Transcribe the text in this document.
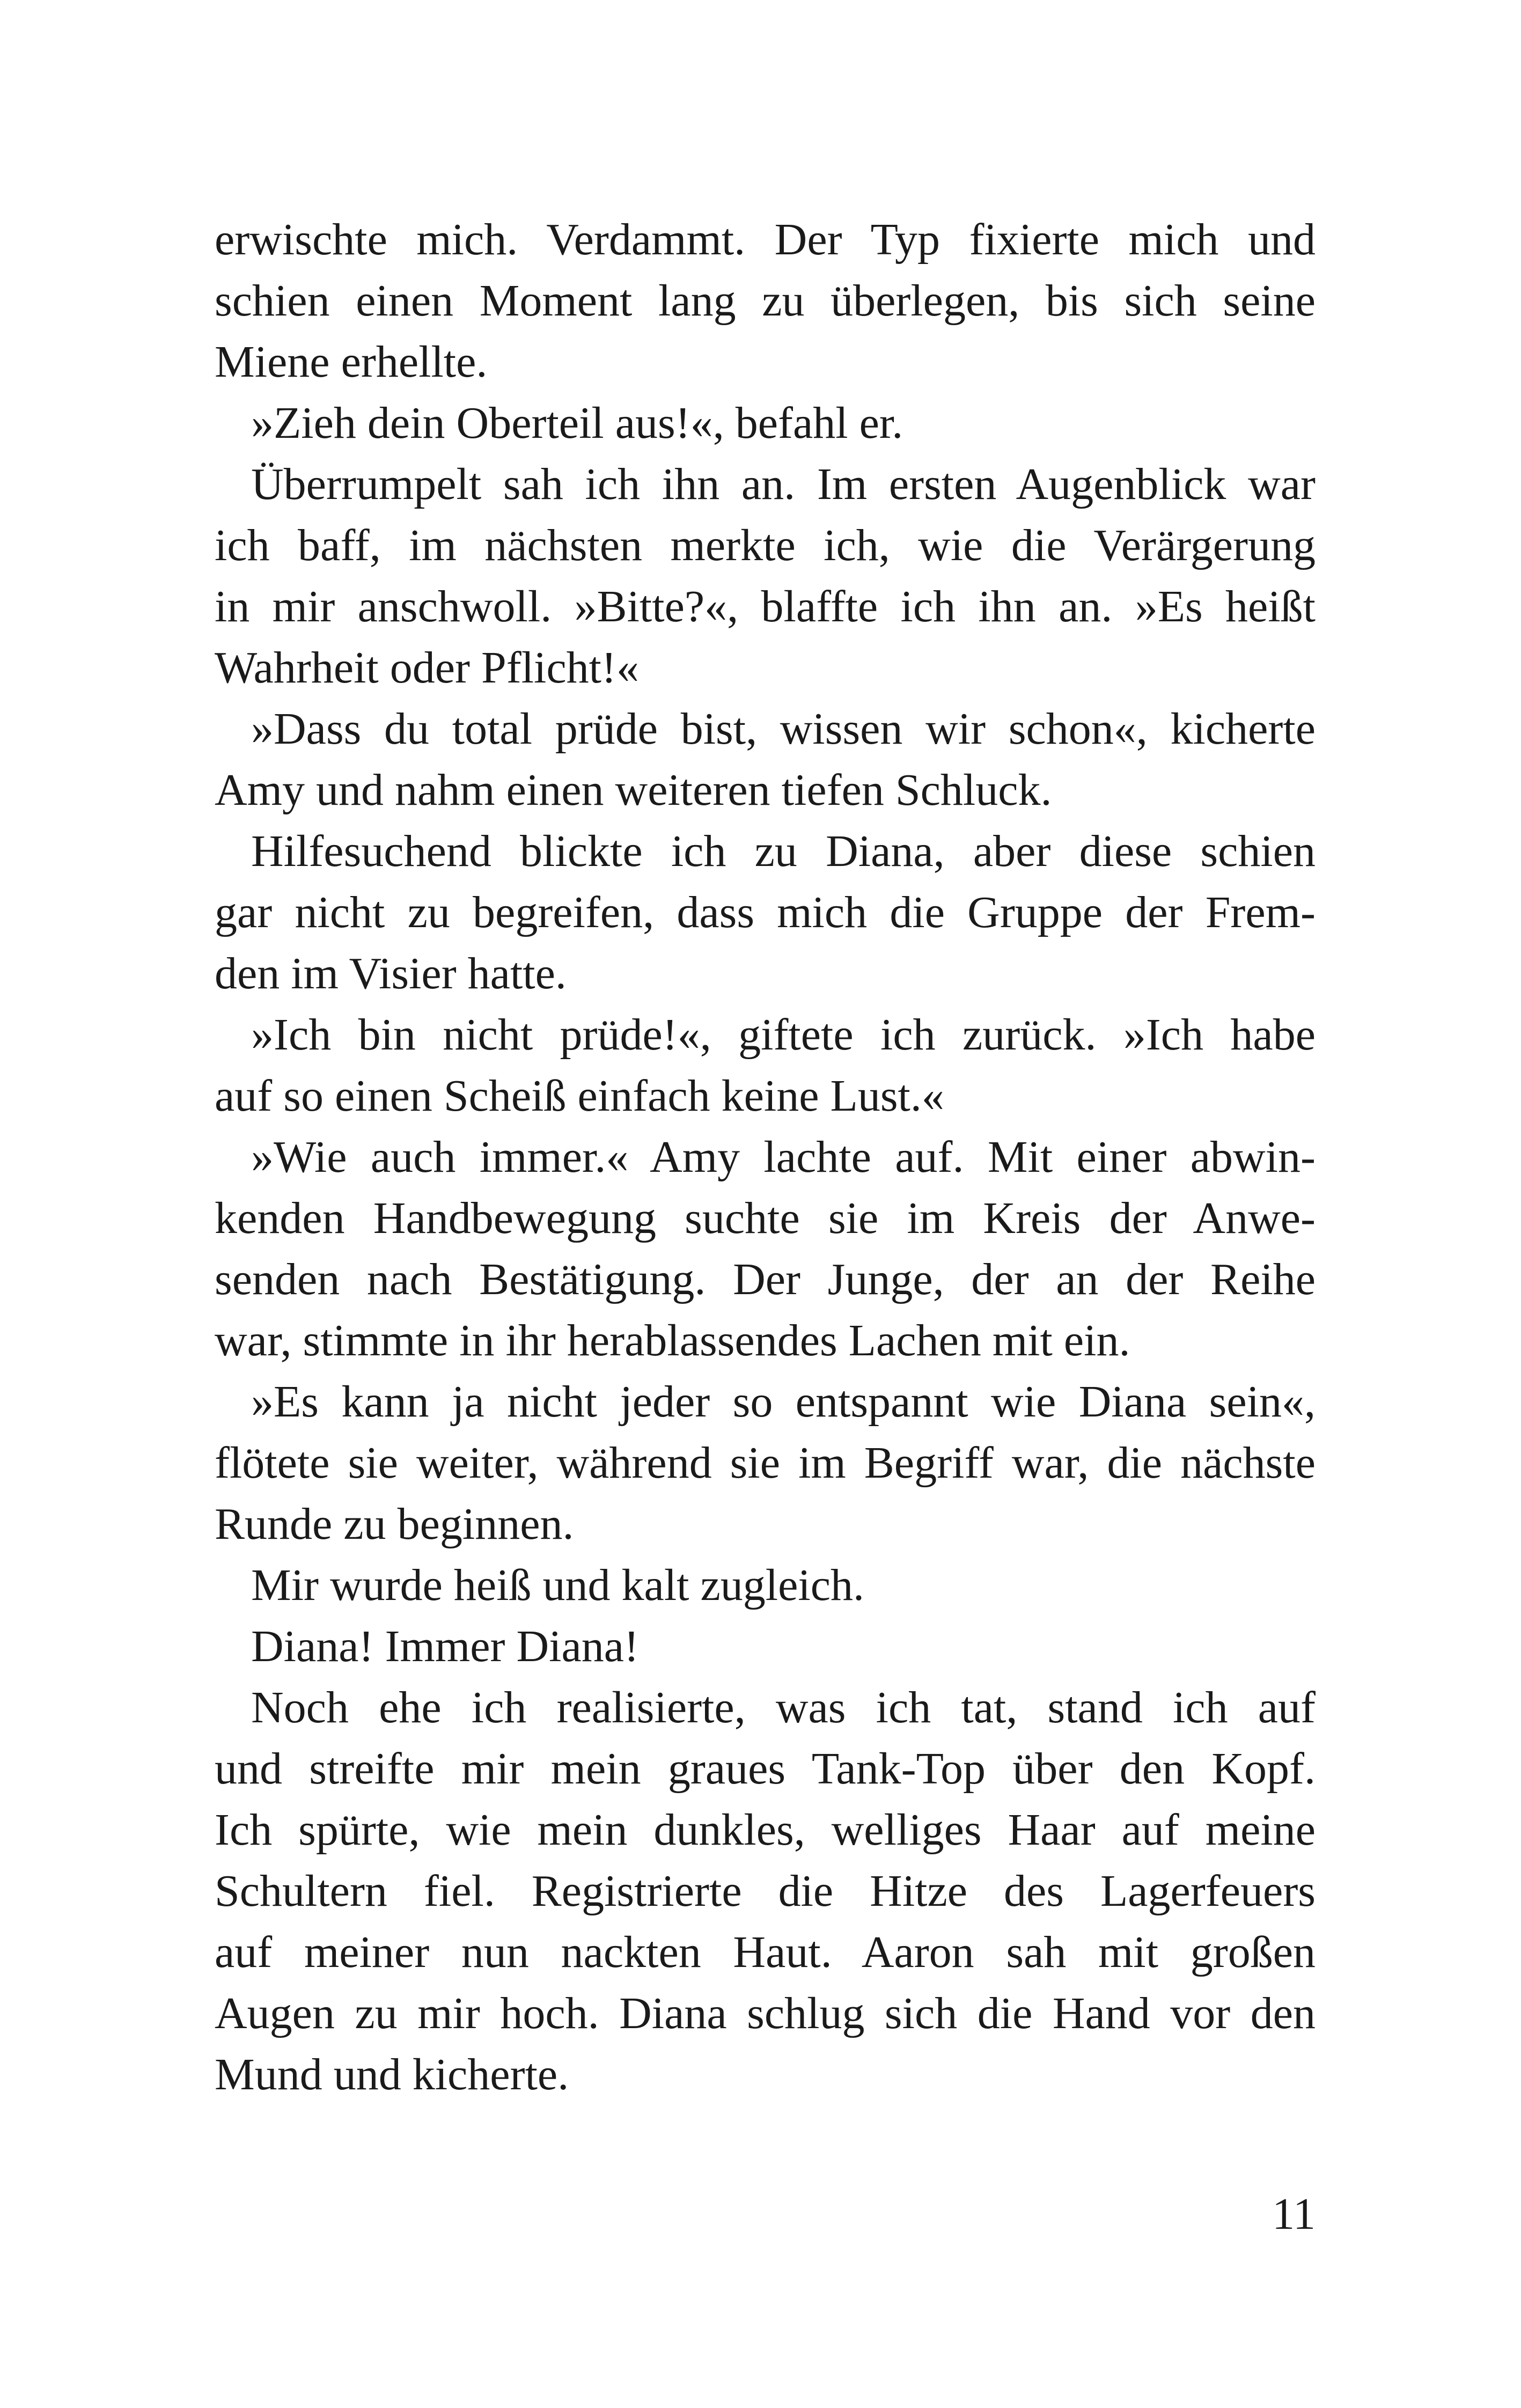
erwischte mich. Verdammt. Der Typ fixierte mich und
schien einen Moment lang zu überlegen, bis sich seine
Miene erhellte.
»Zieh dein Oberteil aus!«, befahl er.
Überrumpelt sah ich ihn an. Im ersten Augenblick war
ich baff, im nächsten merkte ich, wie die Verärgerung
in mir anschwoll. »Bitte?«, blaffte ich ihn an. »Es heißt
Wahrheit oder Pflicht!«
»Dass du total prüde bist, wissen wir schon«, kicherte
Amy und nahm einen weiteren tiefen Schluck.
Hilfesuchend blickte ich zu Diana, aber diese schien
gar nicht zu begreifen, dass mich die Gruppe der Frem-
den im Visier hatte.
»Ich bin nicht prüde!«, giftete ich zurück. »Ich habe
auf so einen Scheiß einfach keine Lust.«
»Wie auch immer.« Amy lachte auf. Mit einer abwin-
kenden Handbewegung suchte sie im Kreis der Anwe-
senden nach Bestätigung. Der Junge, der an der Reihe
war, stimmte in ihr herablassendes Lachen mit ein.
»Es kann ja nicht jeder so entspannt wie Diana sein«,
flötete sie weiter, während sie im Begriff war, die nächste
Runde zu beginnen.
Mir wurde heiß und kalt zugleich.
Diana! Immer Diana!
Noch ehe ich realisierte, was ich tat, stand ich auf
und streifte mir mein graues Tank-Top über den Kopf.
Ich spürte, wie mein dunkles, welliges Haar auf meine
Schultern fiel. Registrierte die Hitze des Lagerfeuers
auf meiner nun nackten Haut. Aaron sah mit großen
Augen zu mir hoch. Diana schlug sich die Hand vor den
Mund und kicherte.
11
